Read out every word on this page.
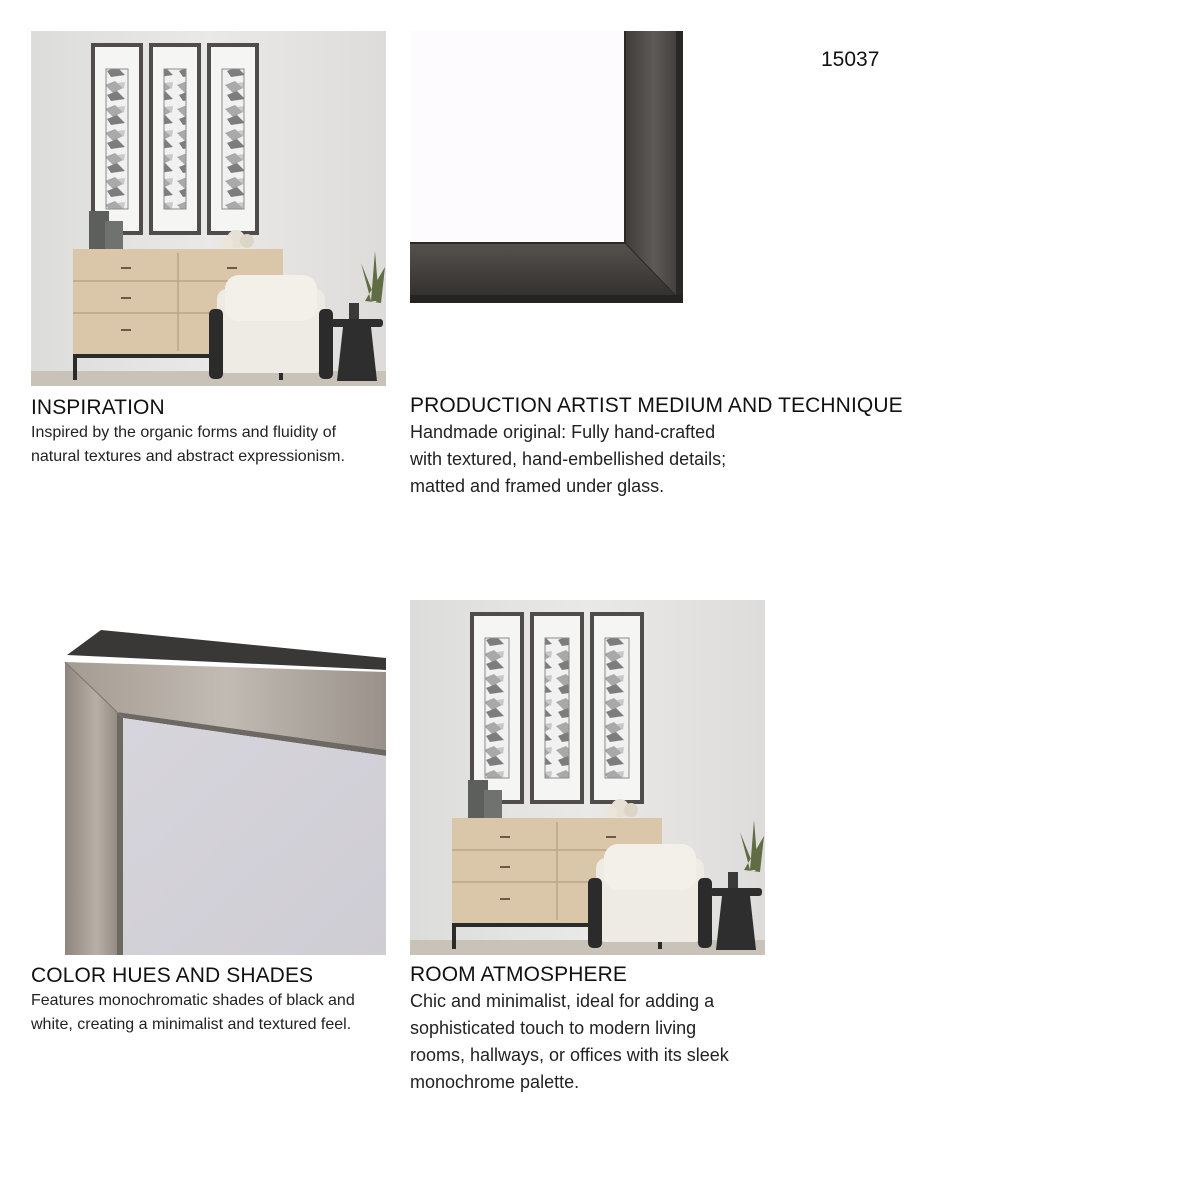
15037
INSPIRATION
Inspired by the organic forms and fluidity of
natural textures and abstract expressionism.
PRODUCTION ARTIST MEDIUM AND TECHNIQUE
Handmade original: Fully hand-crafted
with textured, hand-embellished details;
matted and framed under glass.
COLOR HUES AND SHADES
Features monochromatic shades of black and
white, creating a minimalist and textured feel.
ROOM ATMOSPHERE
Chic and minimalist, ideal for adding a
sophisticated touch to modern living
rooms, hallways, or offices with its sleek
monochrome palette.
